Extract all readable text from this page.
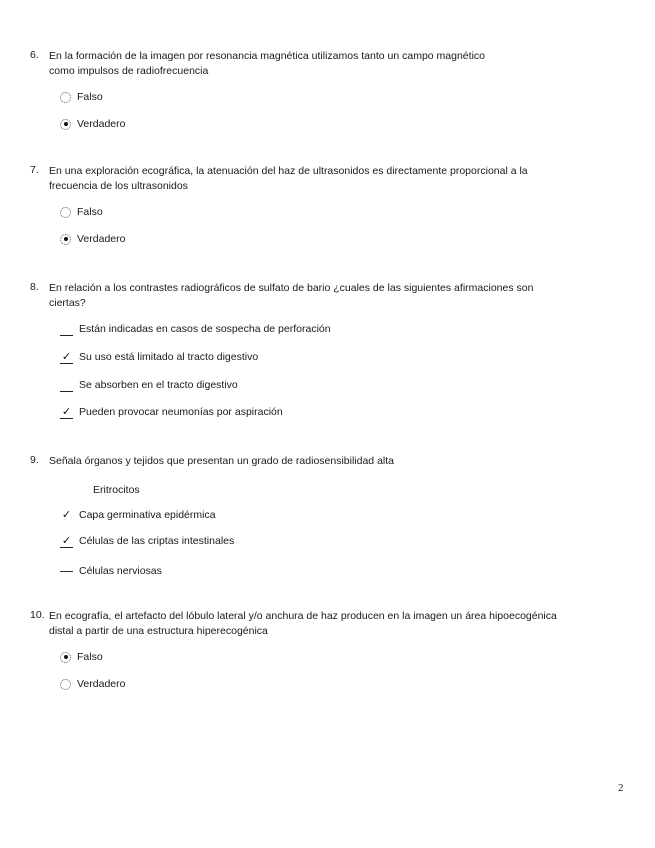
6. En la formación de la imagen por resonancia magnética utilizamos tanto un campo magnético
como impulsos de radiofrecuencia
Falso
Verdadero
7. En una exploración ecográfica, la atenuación del haz de ultrasonidos es directamente proporcional a la
frecuencia de los ultrasonidos
Falso
Verdadero
8. En relación a los contrastes radiográficos de sulfato de bario ¿cuales de las siguientes afirmaciones son
ciertas?
Están indicadas en casos de sospecha de perforación
✓ Su uso está limitado al tracto digestivo
Se absorben en el tracto digestivo
✓ Pueden provocar neumonías por aspiración
9. Señala órganos y tejidos que presentan un grado de radiosensibilidad alta
Eritrocitos
✓ Capa germinativa epidérmica
✓ Células de las criptas intestinales
Células nerviosas
10. En ecografía, el artefacto del lóbulo lateral y/o anchura de haz producen en la imagen un área hipoecogénica
distal a partir de una estructura hiperecogénica
Falso
Verdadero
2
